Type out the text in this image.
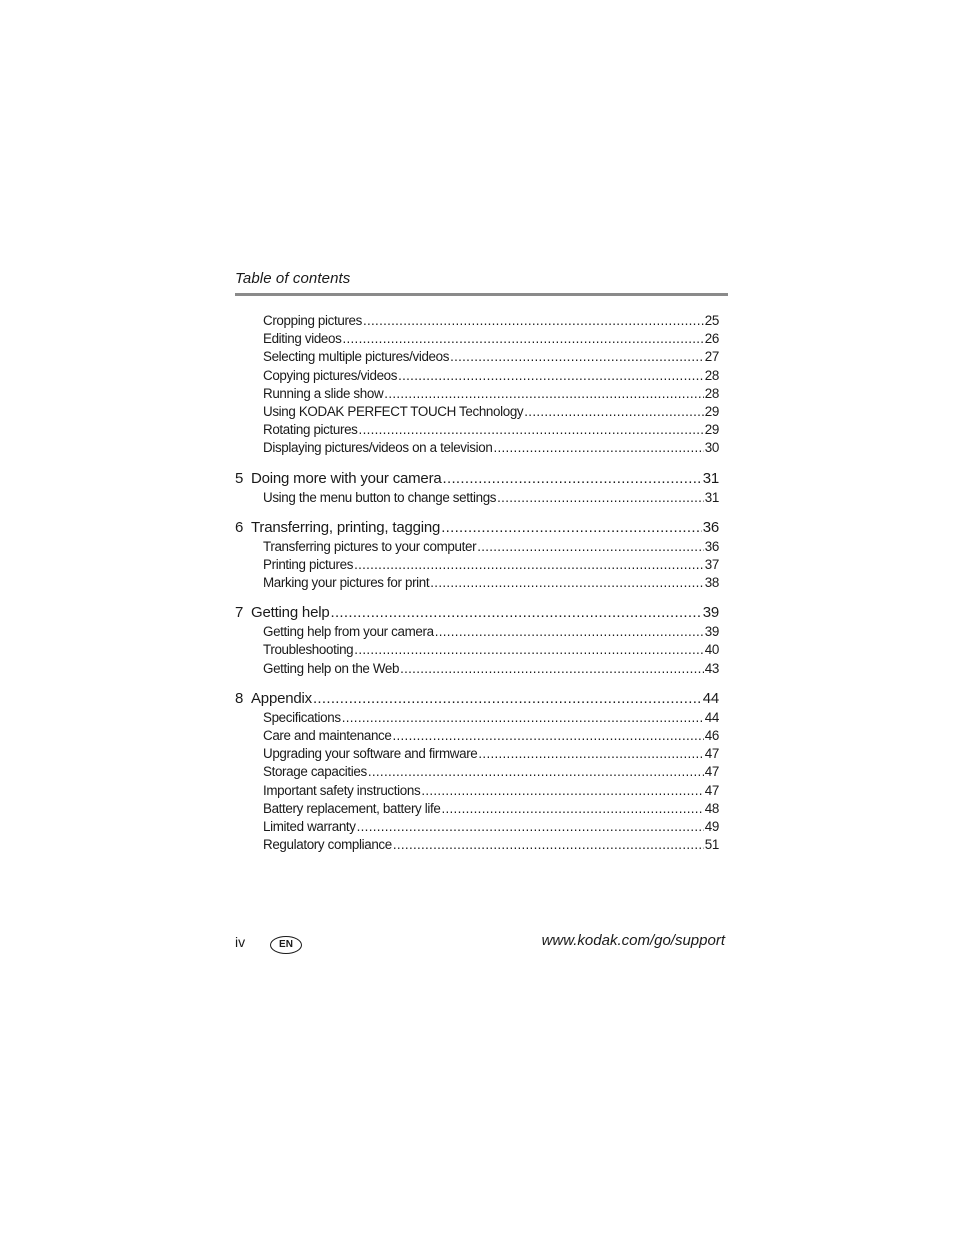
Table of contents
Cropping pictures .....	25
Editing videos .....	26
Selecting multiple pictures/videos .....	27
Copying pictures/videos .....	28
Running a slide show .....	28
Using KODAK PERFECT TOUCH Technology .....	29
Rotating pictures .....	29
Displaying pictures/videos on a television .....	30
5 Doing more with your camera .....	31
Using the menu button to change settings .....	31
6 Transferring, printing, tagging .....	36
Transferring pictures to your computer .....	36
Printing pictures .....	37
Marking your pictures for print .....	38
7 Getting help .....	39
Getting help from your camera .....	39
Troubleshooting .....	40
Getting help on the Web .....	43
8 Appendix .....	44
Specifications .....	44
Care and maintenance .....	46
Upgrading your software and firmware .....	47
Storage capacities .....	47
Important safety instructions .....	47
Battery replacement, battery life .....	48
Limited warranty .....	49
Regulatory compliance .....	51
iv	EN	www.kodak.com/go/support
